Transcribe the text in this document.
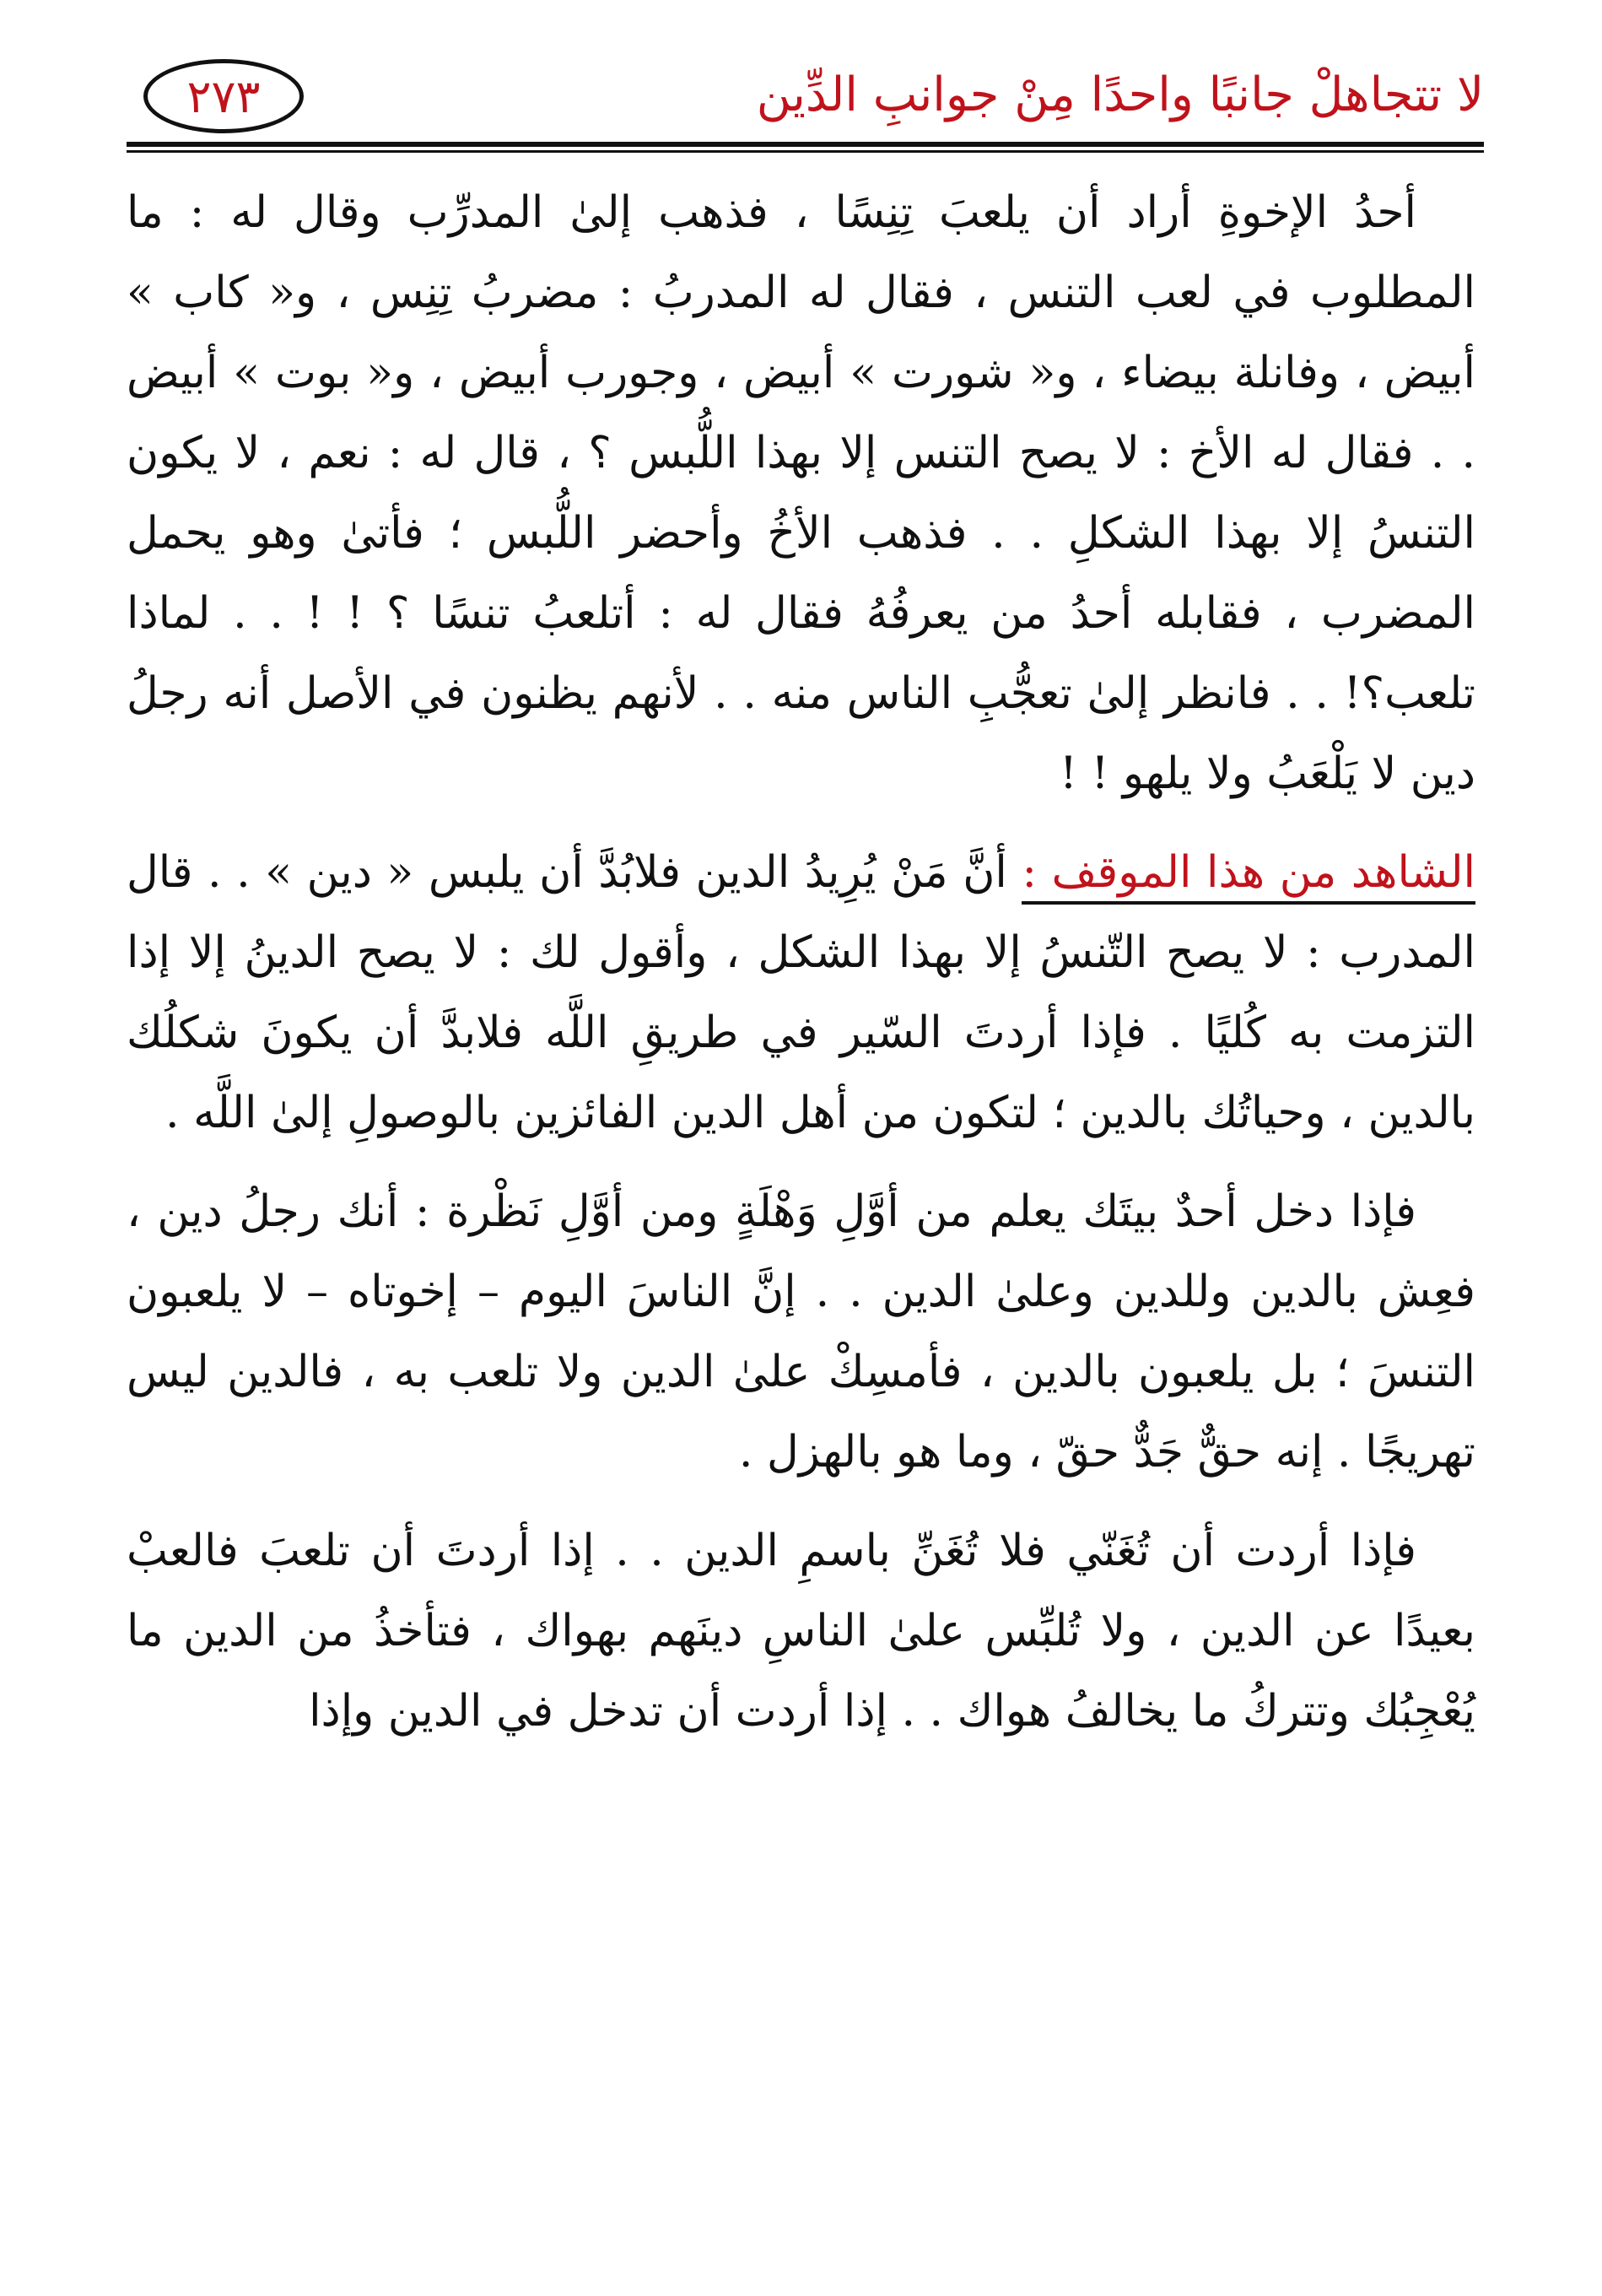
لا تتجاهلْ جانبًا واحدًا مِنْ جوانبِ الدِّين
٢٧٣

أحدُ الإخوةِ أراد أن يلعبَ تِنِسًا ، فذهب إلىٰ المدرِّب وقال له : ما المطلوب في لعب التنس ، فقال له المدربُ : مضربُ تِنِس ، و« كاب » أبيض ، وفانلة بيضاء ، و« شورت » أبيض ، وجورب أبيض ، و« بوت » أبيض . . فقال له الأخ : لا يصح التنس إلا بهذا اللُّبس ؟ ، قال له : نعم ، لا يكون التنسُ إلا بهذا الشكلِ . . فذهب الأخُ وأحضر اللُّبس ؛ فأتىٰ وهو يحمل المضرب ، فقابله أحدُ من يعرفُهُ فقال له : أتلعبُ تنسًا ؟ ! ! . . لماذا تلعب؟! . . فانظر إلىٰ تعجُّبِ الناس منه . . لأنهم يظنون في الأصل أنه رجلُ دين لا يَلْعَبُ ولا يلهو ! !

الشاهد من هذا الموقف : أنَّ مَنْ يُرِيدُ الدين فلابُدَّ أن يلبس « دين » . . قال المدرب : لا يصح التّنسُ إلا بهذا الشكل ، وأقول لك : لا يصح الدينُ إلا إذا التزمت به كُليًا . فإذا أردتَ السّير في طريقِ اللَّه فلابدَّ أن يكونَ شكلُك بالدين ، وحياتُك بالدين ؛ لتكون من أهل الدين الفائزين بالوصولِ إلىٰ اللَّه .

فإذا دخل أحدٌ بيتَك يعلم من أوَّلِ وَهْلَةٍ ومن أوَّلِ نَظْرة : أنك رجلُ دين ، فعِش بالدين وللدين وعلىٰ الدين . . إنَّ الناسَ اليوم – إخوتاه – لا يلعبون التنسَ ؛ بل يلعبون بالدين ، فأمسِكْ علىٰ الدين ولا تلعب به ، فالدين ليس تهريجًا . إنه حقٌّ جَدٌّ حقّ ، وما هو بالهزل .

فإذا أردت أن تُغَنّي فلا تُغَنِّ باسمِ الدين . . إذا أردتَ أن تلعبَ فالعبْ بعيدًا عن الدين ، ولا تُلبِّس علىٰ الناسِ دينَهم بهواك ، فتأخذُ من الدين ما يُعْجِبُك وتتركُ ما يخالفُ هواك . . إذا أردت أن تدخل في الدين وإذا
